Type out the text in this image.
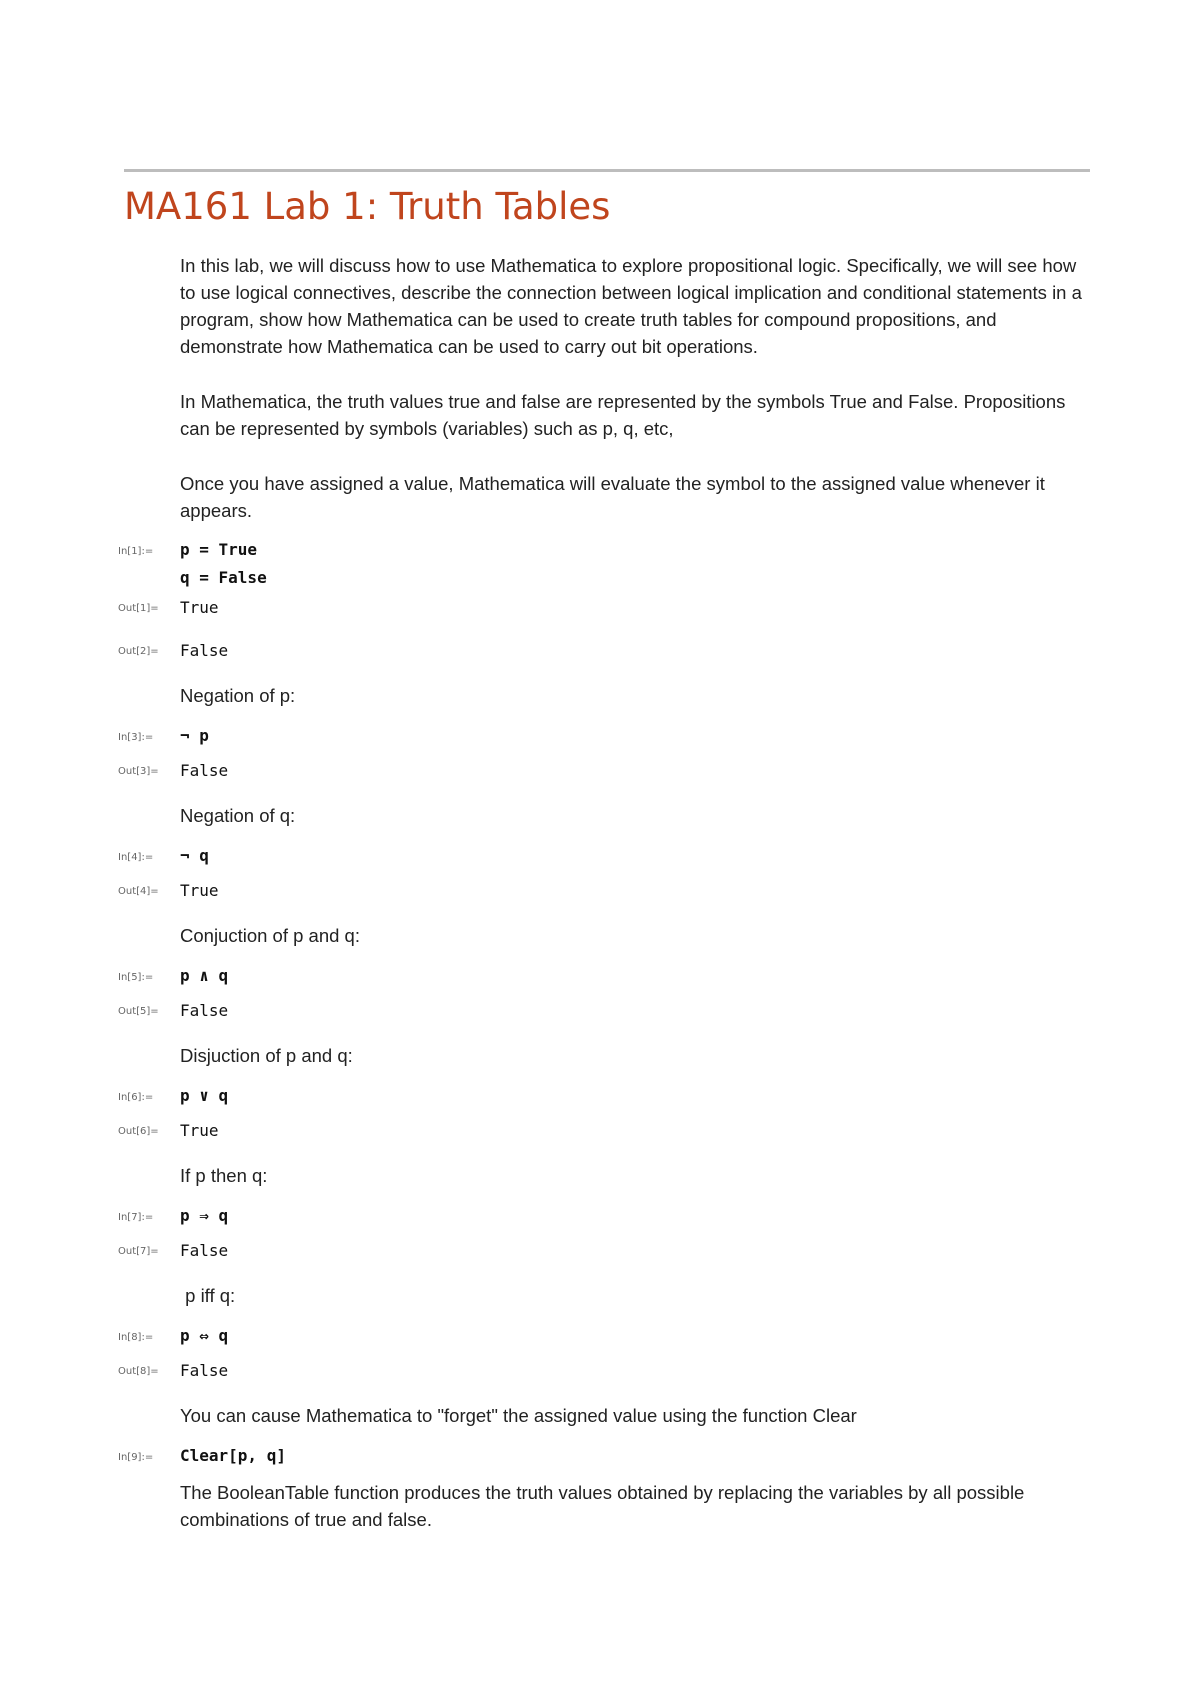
MA161 Lab 1: Truth Tables

In this lab, we will discuss how to use Mathematica to explore propositional logic. Specifically, we will see how to use logical connectives, describe the connection between logical implication and conditional statements in a program, show how Mathematica can be used to create truth tables for compound propositions, and demonstrate how Mathematica can be used to carry out bit operations.

In Mathematica, the truth values true and false are represented by the symbols True and False. Propositions can be represented by symbols (variables) such as p, q, etc,

Once you have assigned a value, Mathematica will evaluate the symbol to the assigned value whenever it appears.

In[1]:=	p = True
q = False
Out[1]=	True
Out[2]=	False

Negation of p:

In[3]:=	¬ p
Out[3]=	False

Negation of q:

In[4]:=	¬ q
Out[4]=	True

Conjuction of p and q:

In[5]:=	p ∧ q
Out[5]=	False

Disjuction of p and q:

In[6]:=	p ∨ q
Out[6]=	True

If p then q:

In[7]:=	p ⇒ q
Out[7]=	False

p iff q:

In[8]:=	p ⇔ q
Out[8]=	False

You can cause Mathematica to "forget" the assigned value using the function Clear

In[9]:=	Clear[p, q]

The BooleanTable function produces the truth values obtained by replacing the variables by all possible combinations of true and false.
